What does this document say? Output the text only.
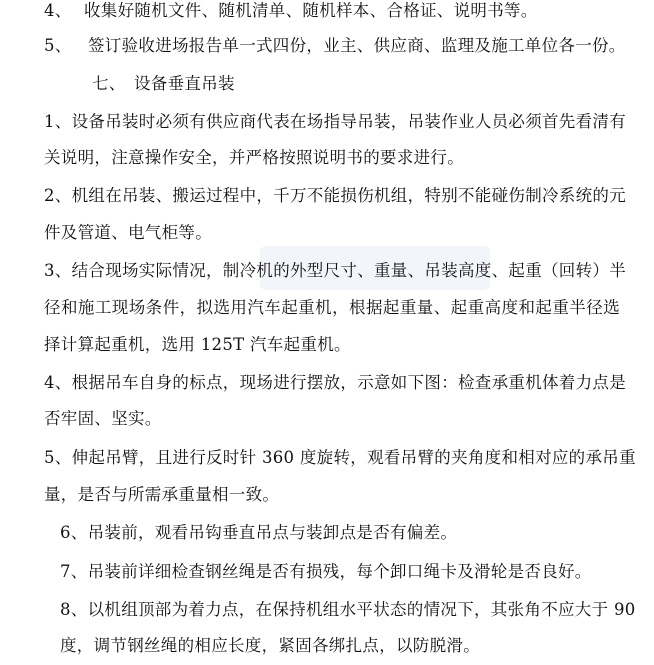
4、 收集好随机文件、随机清单、随机样本、合格证、说明书等。
5、 签订验收进场报告单一式四份，业主、供应商、监理及施工单位各一份。
七、 设备垂直吊装
1、设备吊装时必须有供应商代表在场指导吊装，吊装作业人员必须首先看清有
关说明，注意操作安全，并严格按照说明书的要求进行。
2、机组在吊装、搬运过程中，千万不能损伤机组，特别不能碰伤制冷系统的元
件及管道、电气柜等。
3、结合现场实际情况，制冷机的外型尺寸、重量、吊装高度、起重（回转）半
径和施工现场条件，拟选用汽车起重机，根据起重量、起重高度和起重半径选
择计算起重机，选用 125T 汽车起重机。
4、根据吊车自身的标点，现场进行摆放，示意如下图：检查承重机体着力点是
否牢固、坚实。
5、伸起吊臂，且进行反时针 360 度旋转，观看吊臂的夹角度和相对应的承吊重
量，是否与所需承重量相一致。
6、吊装前，观看吊钩垂直吊点与装卸点是否有偏差。
7、吊装前详细检查钢丝绳是否有损残，每个卸口绳卡及滑轮是否良好。
8、以机组顶部为着力点，在保持机组水平状态的情况下，其张角不应大于 90
度，调节钢丝绳的相应长度，紧固各绑扎点，以防脱滑。
